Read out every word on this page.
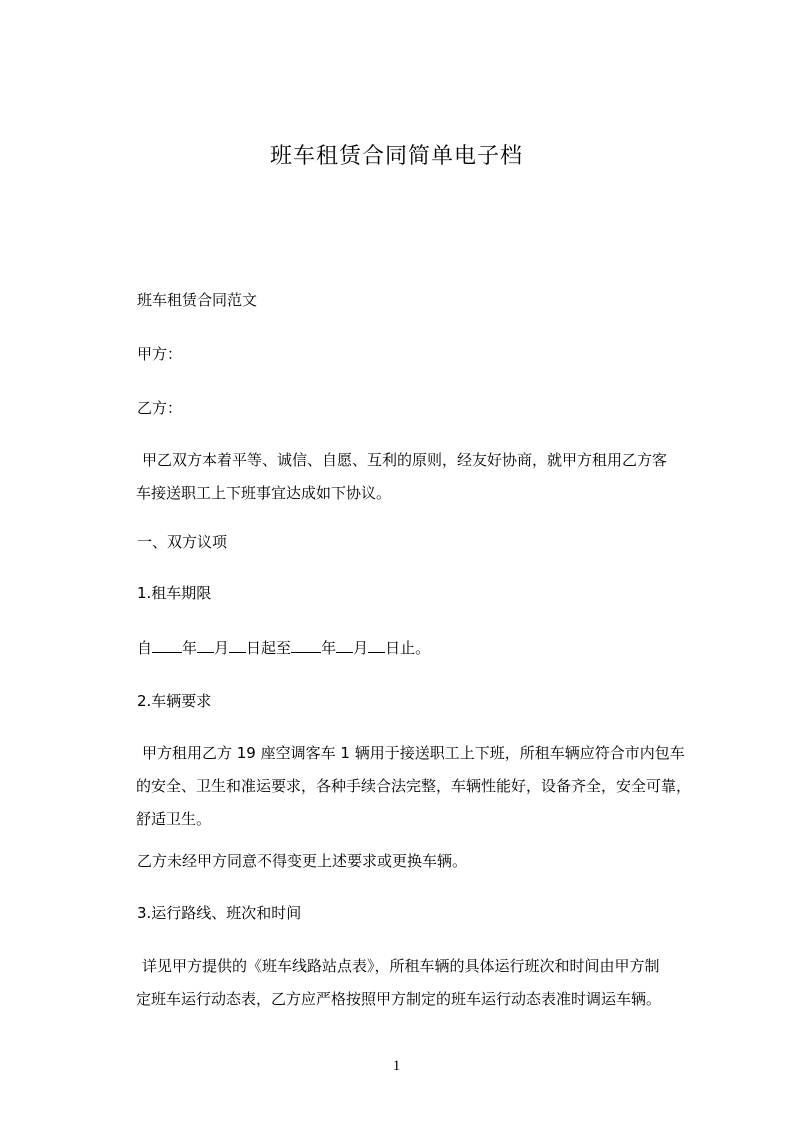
班车租赁合同简单电子档
班车租赁合同范文
甲方：
乙方：
甲乙双方本着平等、诚信、自愿、互利的原则，经友好协商，就甲方租用乙方客
车接送职工上下班事宜达成如下协议。
一、双方议项
1.租车期限
自 年 月 日起至 年 月 日止。
2.车辆要求
甲方租用乙方 19 座空调客车 1 辆用于接送职工上下班，所租车辆应符合市内包车
的安全、卫生和准运要求，各种手续合法完整，车辆性能好，设备齐全，安全可靠，
舒适卫生。
乙方未经甲方同意不得变更上述要求或更换车辆。
3.运行路线、班次和时间
详见甲方提供的《班车线路站点表》，所租车辆的具体运行班次和时间由甲方制
定班车运行动态表，乙方应严格按照甲方制定的班车运行动态表准时调运车辆。
1
